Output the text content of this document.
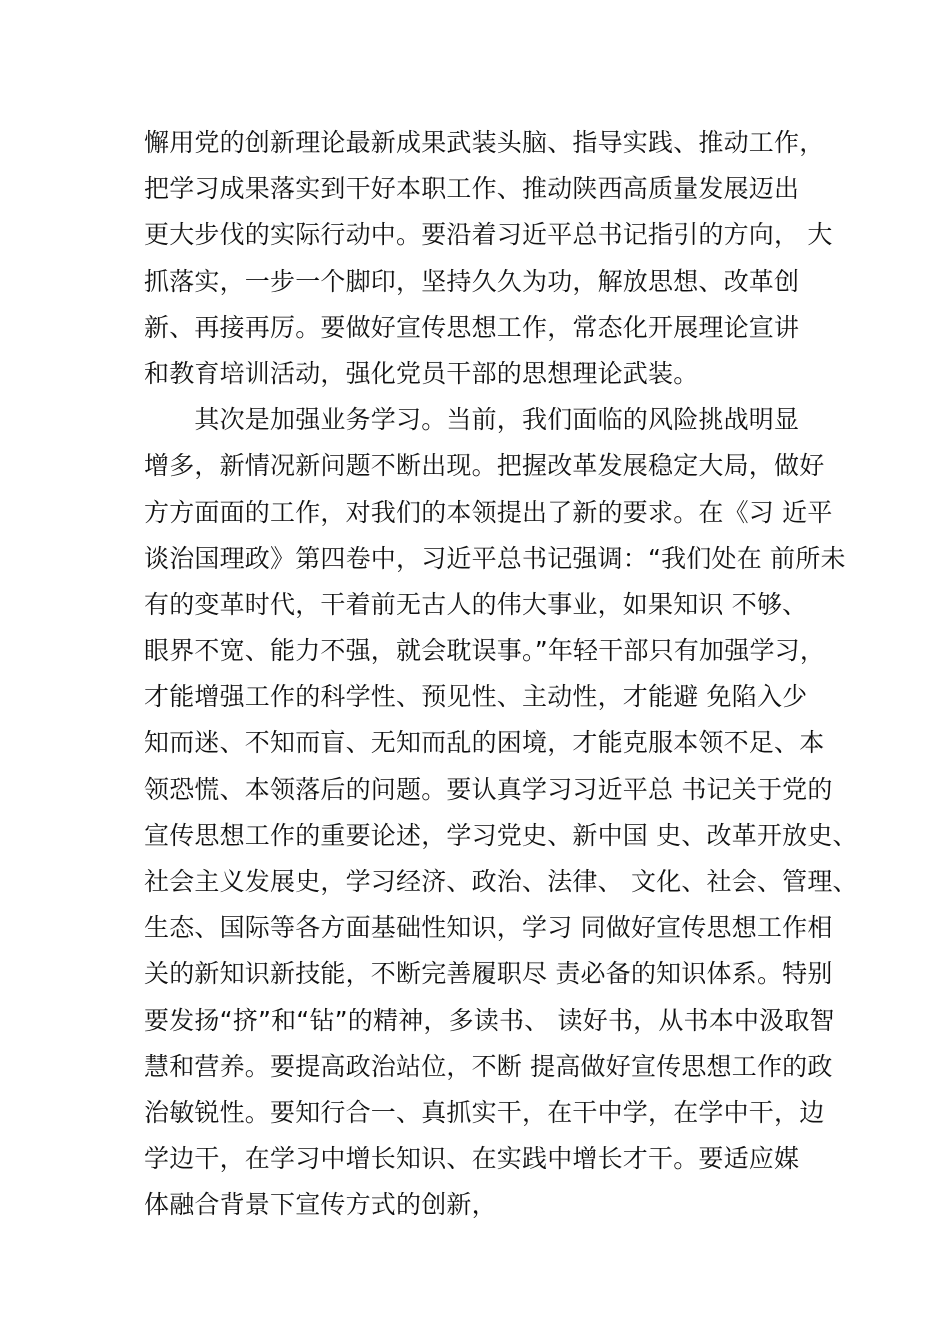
懈用党的创新理论最新成果武装头脑、指导实践、推动工作，
把学习成果落实到干好本职工作、推动陕西高质量发展迈出
更大步伐的实际行动中。要沿着习近平总书记指引的方向， 大
抓落实，一步一个脚印，坚持久久为功，解放思想、改革创
新、再接再厉。要做好宣传思想工作，常态化开展理论宣讲
和教育培训活动，强化党员干部的思想理论武装。
　　其次是加强业务学习。当前，我们面临的风险挑战明显
增多，新情况新问题不断出现。把握改革发展稳定大局，做好
方方面面的工作，对我们的本领提出了新的要求。在《习 近平
谈治国理政》第四卷中，习近平总书记强调：“我们处在 前所未
有的变革时代，干着前无古人的伟大事业，如果知识 不够、
眼界不宽、能力不强，就会耽误事。”年轻干部只有加强学习，
才能增强工作的科学性、预见性、主动性，才能避 免陷入少
知而迷、不知而盲、无知而乱的困境，才能克服本领不足、本
领恐慌、本领落后的问题。要认真学习习近平总 书记关于党的
宣传思想工作的重要论述，学习党史、新中国 史、改革开放史、
社会主义发展史，学习经济、政治、法律、 文化、社会、管理、
生态、国际等各方面基础性知识，学习 同做好宣传思想工作相
关的新知识新技能，不断完善履职尽 责必备的知识体系。特别
要发扬“挤”和“钻”的精神，多读书、 读好书，从书本中汲取智
慧和营养。要提高政治站位，不断 提高做好宣传思想工作的政
治敏锐性。要知行合一、真抓实干，在干中学，在学中干，边
学边干，在学习中增长知识、在实践中增长才干。要适应媒
体融合背景下宣传方式的创新，
